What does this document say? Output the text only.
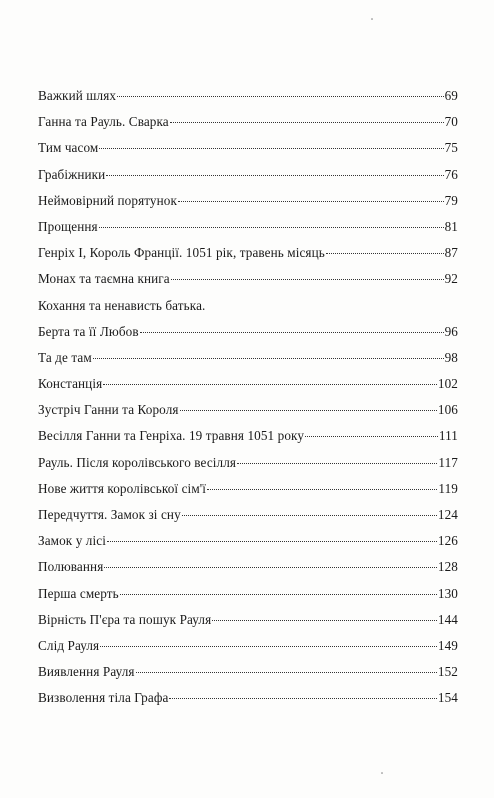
Важкий шлях	69
Ганна та Рауль. Сварка	70
Тим часом	75
Грабіжники	76
Неймовірний порятунок	79
Прощення	81
Генріх І, Король Франції. 1051 рік, травень місяць	87
Монах та таємна книга	92
Кохання та ненависть батька.
Берта та її Любов	96
Та де там	98
Констанція	102
Зустріч Ганни та Короля	106
Весілля Ганни та Генріха. 19 травня 1051 року	111
Рауль. Після королівського весілля	117
Нове життя королівської сім'ї	119
Передчуття. Замок зі сну	124
Замок у лісі	126
Полювання	128
Перша смерть	130
Вірність П'єра та пошук Рауля	144
Слід Рауля	149
Виявлення Рауля	152
Визволення тіла Графа	154
